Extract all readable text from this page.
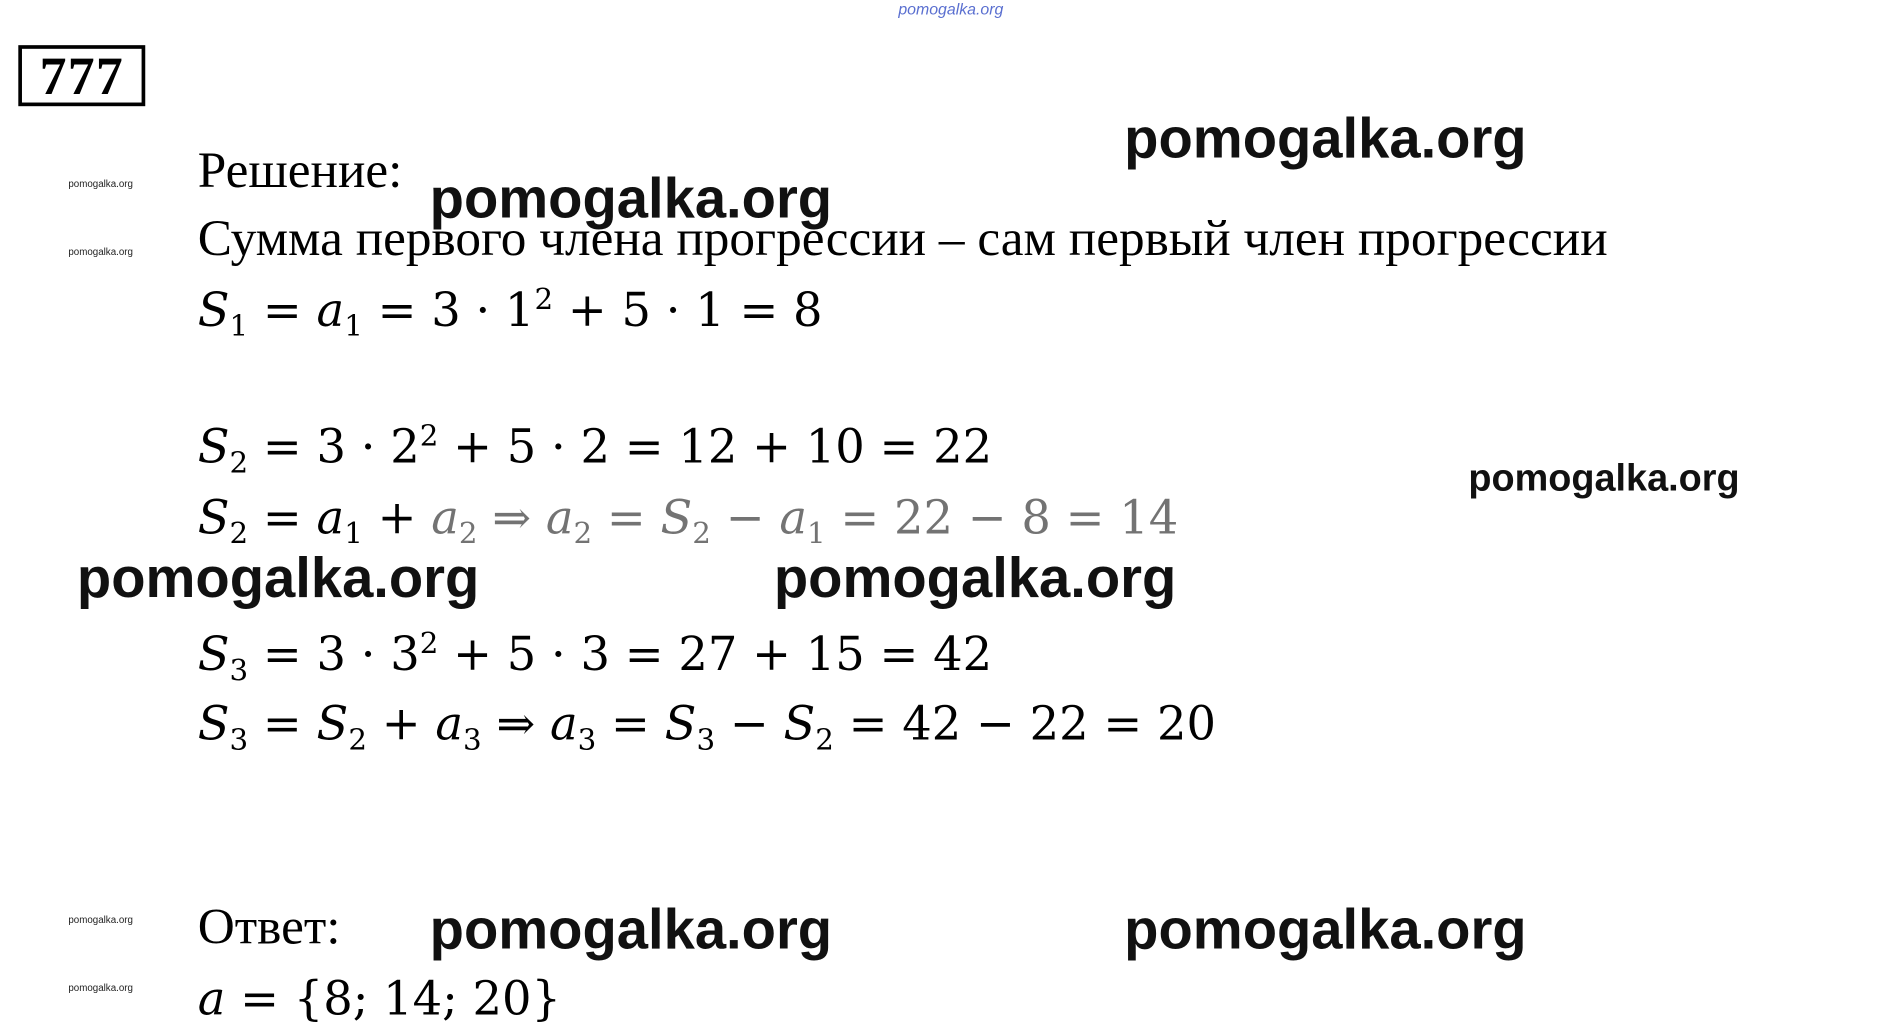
pomogalka.org
777
pomogalka.org
pomogalka.org
pomogalka.org
pomogalka.org
Решение:
Сумма первого члена прогрессии – сам первый член прогрессии
$S_1 = a_1 = 3 \cdot 1^2 + 5 \cdot 1 = 8$
$S_2 = 3 \cdot 2^2 + 5 \cdot 2 = 12 + 10 = 22$
$S_2 = a_1 + a_2$ ⇒ $a_2 = S_2 - a_1 = 22 - 8 = 14$
$S_3 = 3 \cdot 3^2 + 5 \cdot 3 = 27 + 15 = 42$
$S_3 = S_2 + a_3$ ⇒ $a_3 = S_3 - S_2 = 42 - 22 = 20$
Ответ:
a = {8; 14; 20}
pomogalka.org
pomogalka.org
pomogalka.org
pomogalka.org	pomogalka.org
pomogalka.org	pomogalka.org
